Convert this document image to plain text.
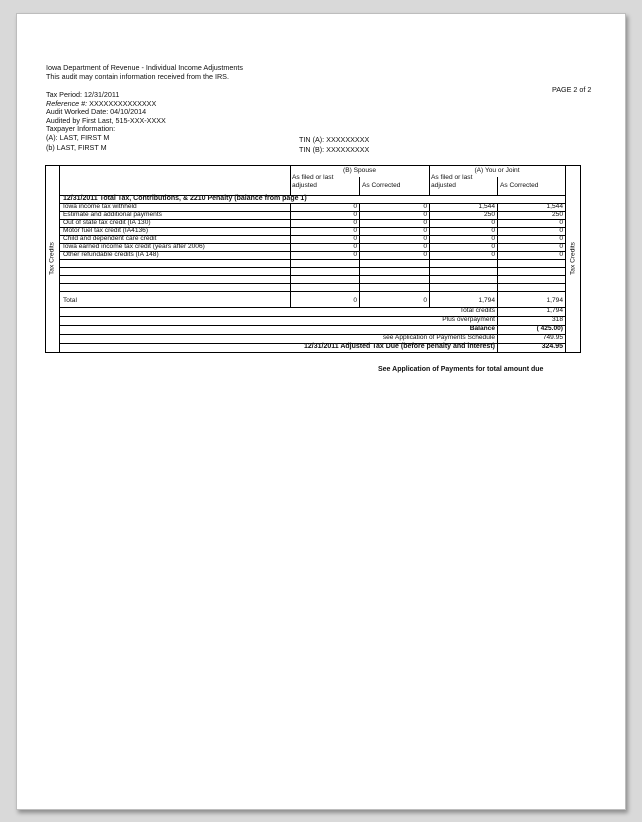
Iowa Department of Revenue - Individual Income Adjustments
This audit may contain information received from the IRS.
PAGE 2 of 2
Tax Period: 12/31/2011
Reference #: XXXXXXXXXXXXXX
Audit Worked Date: 04/10/2014
Audited by First Last, 515-XXX-XXXX
Taxpayer Information:
(A): LAST, FIRST M
(b) LAST, FIRST M
TIN (A): XXXXXXXXX
TIN (B): XXXXXXXXX
(B) Spouse	(A) You or Joint
As filed or last
adjusted	As Corrected
As filed or last
adjusted	As Corrected
12/31/2011 Total Tax, Contributions, & 2210 Penalty (balance from page 1)
Iowa income tax withheld	0	0	1,544	1,544
Estimate and additional payments	0	0	250	250
Out of state tax credit (IA 130)	0	0	0	0
Motor fuel tax credit (IA4136)	0	0	0	0
Child and dependent care credit	0	0	0	0
Iowa earned income tax credit (years after 2006)	0	0	0	0
Other refundable credits (IA 148)	0	0	0	0
Total	0	0	1,794	1,794
Total credits	1,794
Plus overpayment	318
Balance	( 425.00)
see Application of Payments Schedule	749.95
12/31/2011 Adjusted Tax Due (before penalty and interest)	324.95
Tax Credits	Tax Credits
See Application of Payments for total amount due
